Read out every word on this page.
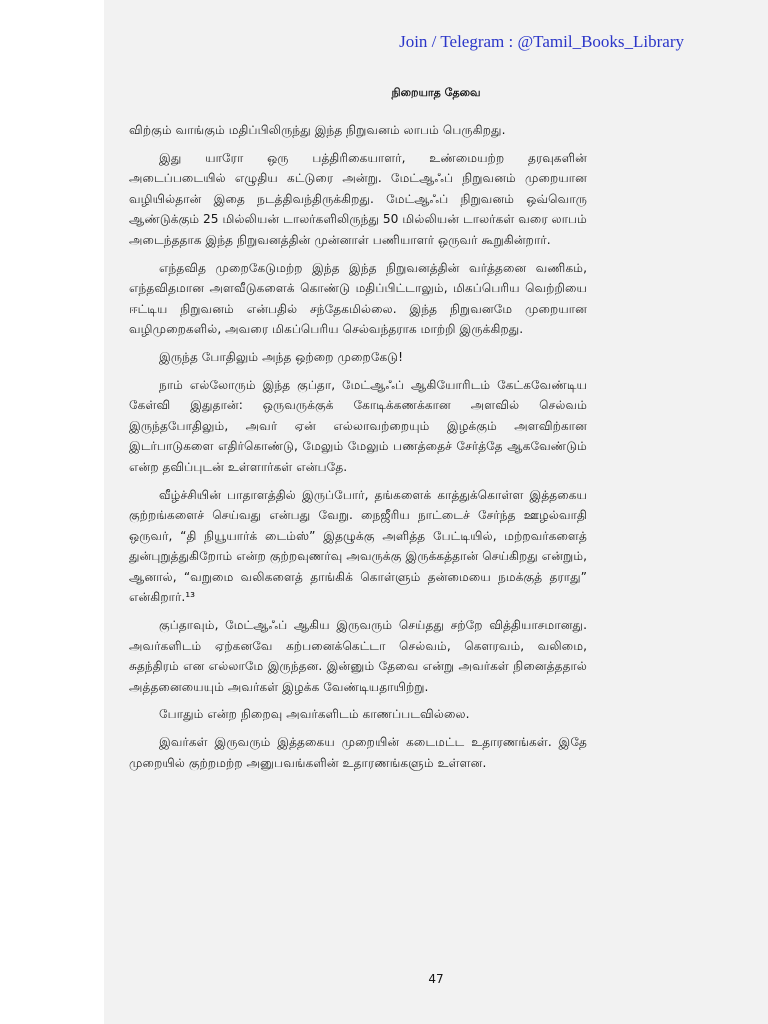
Join / Telegram : @Tamil_Books_Library
நிறையாத தேவை

விற்கும் வாங்கும் மதிப்பிலிருந்து இந்த நிறுவனம் லாபம் பெருகிறது.

இது யாரோ ஒரு பத்திரிகையாளர், உண்மையற்ற தரவுகளின் அடைப்படையில் எழுதிய கட்டுரை அன்று. மேட்ஆஃப் நிறுவனம் முறையான வழியில்தான் இதை நடத்திவந்திருக்கிறது. மேட்ஆஃப் நிறுவனம் ஒவ்வொரு ஆண்டுக்கும் 25 மில்லியன் டாலர்களிலிருந்து 50 மில்லியன் டாலர்கள் வரை லாபம் அடைந்ததாக இந்த நிறுவனத்தின் முன்னாள் பணியாளர் ஒருவர் கூறுகின்றார்.

எந்தவித முறைகேடுமற்ற இந்த இந்த நிறுவனத்தின் வர்த்தனை வணிகம், எந்தவிதமான அளவீடுகளைக் கொண்டு மதிப்பிட்டாலும், மிகப்பெரிய வெற்றியை ஈட்டிய நிறுவனம் என்பதில் சந்தேகமில்லை. இந்த நிறுவனமே முறையான வழிமுறைகளில், அவரை மிகப்பெரிய செல்வந்தராக மாற்றி இருக்கிறது.

இருந்த போதிலும் அந்த ஒற்றை முறைகேடு!

நாம் எல்லோரும் இந்த குப்தா, மேட்ஆஃப் ஆகியோரிடம் கேட்கவேண்டிய கேள்வி இதுதான்: ஒருவருக்குக் கோடிக்கணக்கான அளவில் செல்வம் இருந்தபோதிலும், அவர் ஏன் எல்லாவற்றையும் இழக்கும் அளவிற்கான இடர்பாடுகளை எதிர்கொண்டு, மேலும் மேலும் பணத்தைச் சேர்த்தே ஆகவேண்டும் என்ற தவிப்புடன் உள்ளார்கள் என்பதே.

வீழ்ச்சியின் பாதாளத்தில் இருப்போர், தங்களைக் காத்துக்கொள்ள இத்தகைய குற்றங்களைச் செய்வது என்பது வேறு. நைஜீரிய நாட்டைச் சேர்ந்த ஊழல்வாதி ஒருவர், “தி நியூயார்க் டைம்ஸ்” இதழுக்கு அளித்த பேட்டியில், மற்றவர்களைத் துன்புறுத்துகிறோம் என்ற குற்றவுணர்வு அவருக்கு இருக்கத்தான் செய்கிறது என்றும், ஆனால், “வறுமை வலிகளைத் தாங்கிக் கொள்ளும் தன்மையை நமக்குத் தராது” என்கிறார்.¹³

குப்தாவும், மேட்ஆஃப் ஆகிய இருவரும் செய்தது சற்றே வித்தியாசமானது. அவர்களிடம் ஏற்கனவே கற்பனைக்கெட்டா செல்வம், கௌரவம், வலிமை, சுதந்திரம் என எல்லாமே இருந்தன. இன்னும் தேவை என்று அவர்கள் நினைத்ததால் அத்தனையையும் அவர்கள் இழக்க வேண்டியதாயிற்று.

போதும் என்ற நிறைவு அவர்களிடம் காணப்படவில்லை.

இவர்கள் இருவரும் இத்தகைய முறையின் கடைமட்ட உதாரணங்கள். இதே முறையில் குற்றமற்ற அனுபவங்களின் உதாரணங்களும் உள்ளன.

47
